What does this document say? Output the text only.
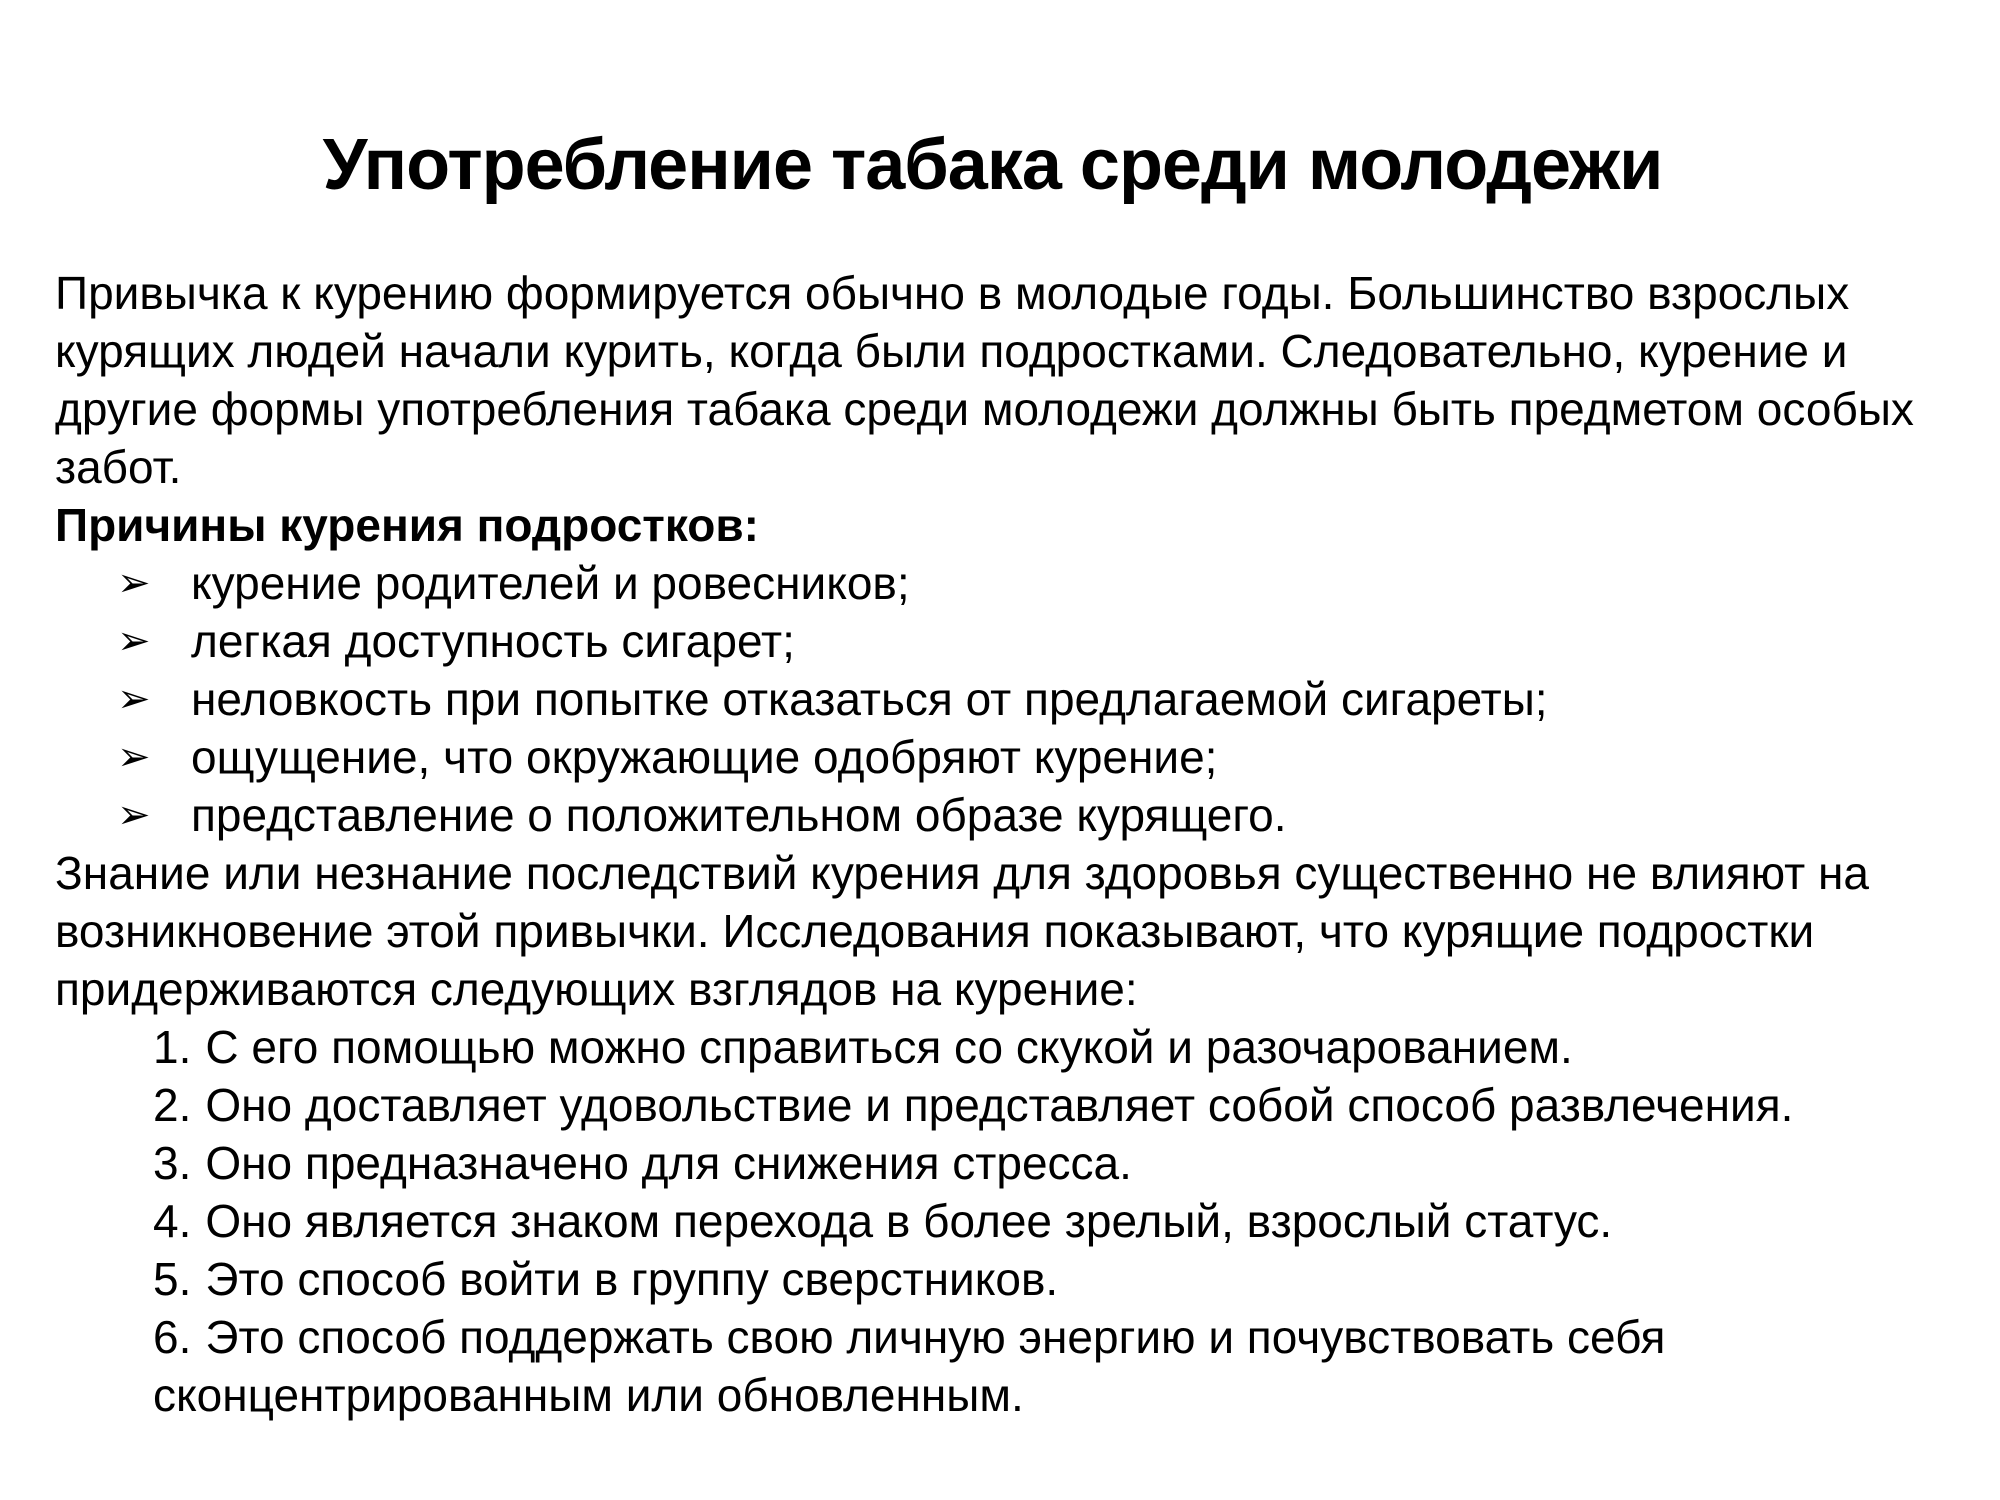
Употребление табака среди молодежи

Привычка к курению формируется обычно в молодые годы. Большинство взрослых курящих людей начали курить, когда были подростками. Следовательно, курение и другие формы употребления табака среди молодежи должны быть предметом особых забот.

Причины курения подростков:

➢ курение родителей и ровесников;
➢ легкая доступность сигарет;
➢ неловкость при попытке отказаться от предлагаемой сигареты;
➢ ощущение, что окружающие одобряют курение;
➢ представление о положительном образе курящего.

Знание или незнание последствий курения для здоровья существенно не влияют на возникновение этой привычки. Исследования показывают, что курящие подростки придерживаются следующих взглядов на курение:

1. С его помощью можно справиться со скукой и разочарованием.
2. Оно доставляет удовольствие и представляет собой способ развлечения.
3. Оно предназначено для снижения стресса.
4. Оно является знаком перехода в более зрелый, взрослый статус.
5. Это способ войти в группу сверстников.
6. Это способ поддержать свою личную энергию и почувствовать себя сконцентрированным или обновленным.
